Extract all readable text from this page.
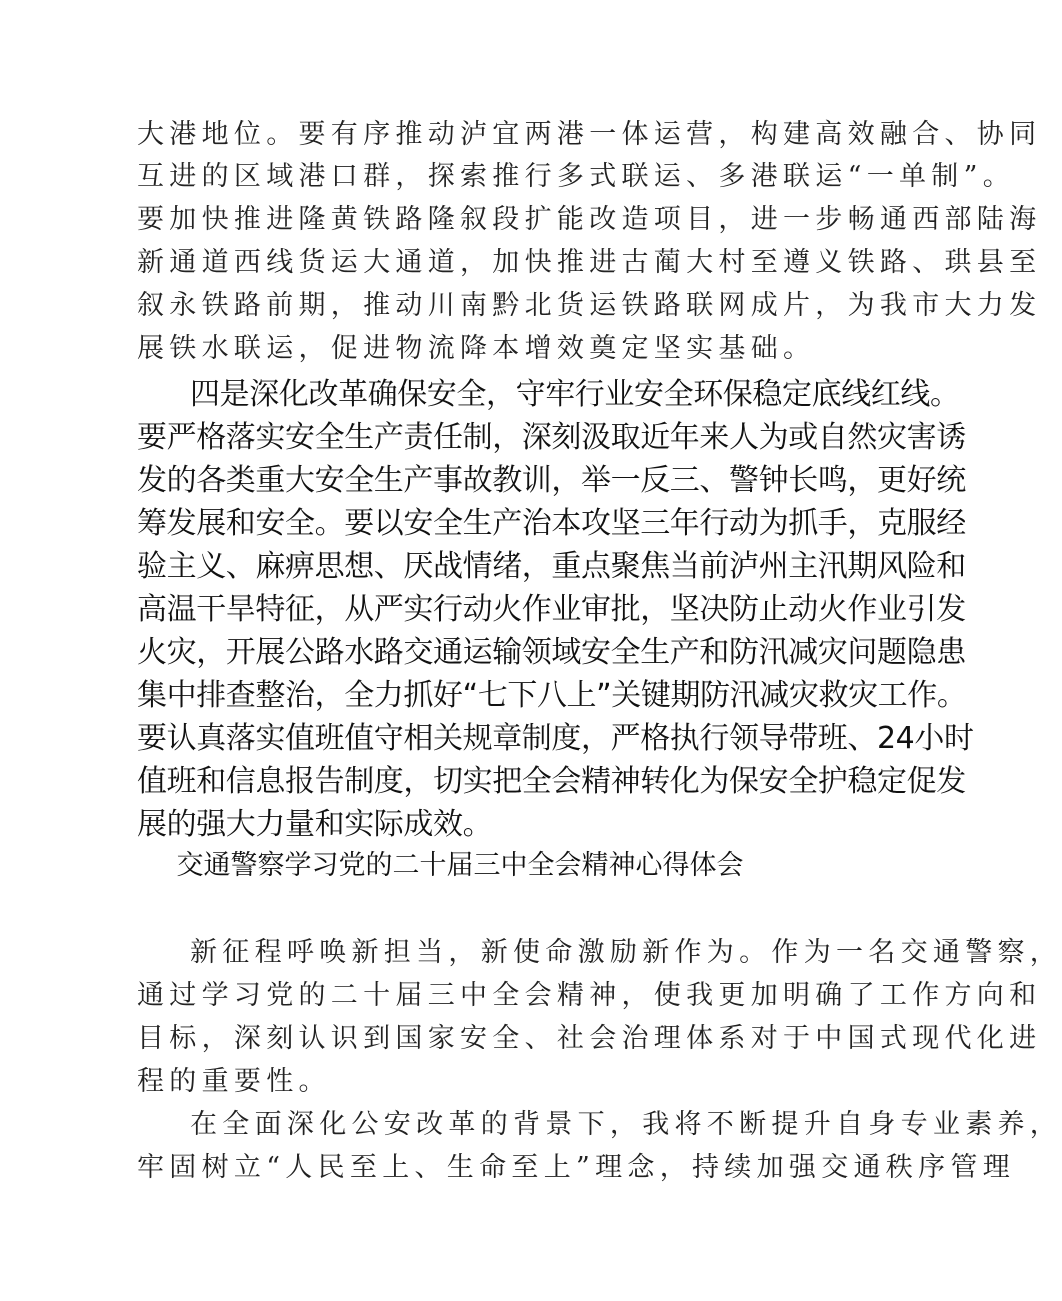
大港地位。要有序推动泸宜两港一体运营，构建高效融合、协同

互进的区域港口群，探索推行多式联运、多港联运“一单制”。

要加快推进隆黄铁路隆叙段扩能改造项目，进一步畅通西部陆海

新通道西线货运大通道，加快推进古蔺大村至遵义铁路、珙县至

叙永铁路前期，推动川南黔北货运铁路联网成片，为我市大力发

展铁水联运，促进物流降本增效奠定坚实基础。

四是深化改革确保安全，守牢行业安全环保稳定底线红线。

要严格落实安全生产责任制，深刻汲取近年来人为或自然灾害诱

发的各类重大安全生产事故教训，举一反三、警钟长鸣，更好统

筹发展和安全。要以安全生产治本攻坚三年行动为抓手，克服经

验主义、麻痹思想、厌战情绪，重点聚焦当前泸州主汛期风险和

高温干旱特征，从严实行动火作业审批，坚决防止动火作业引发

火灾，开展公路水路交通运输领域安全生产和防汛减灾问题隐患

集中排查整治，全力抓好“七下八上”关键期防汛减灾救灾工作。

要认真落实值班值守相关规章制度，严格执行领导带班、24小时

值班和信息报告制度，切实把全会精神转化为保安全护稳定促发

展的强大力量和实际成效。

交通警察学习党的二十届三中全会精神心得体会

新征程呼唤新担当，新使命激励新作为。作为一名交通警察，

通过学习党的二十届三中全会精神，使我更加明确了工作方向和

目标，深刻认识到国家安全、社会治理体系对于中国式现代化进

程的重要性。

在全面深化公安改革的背景下，我将不断提升自身专业素养，

牢固树立“人民至上、生命至上”理念，持续加强交通秩序管理
